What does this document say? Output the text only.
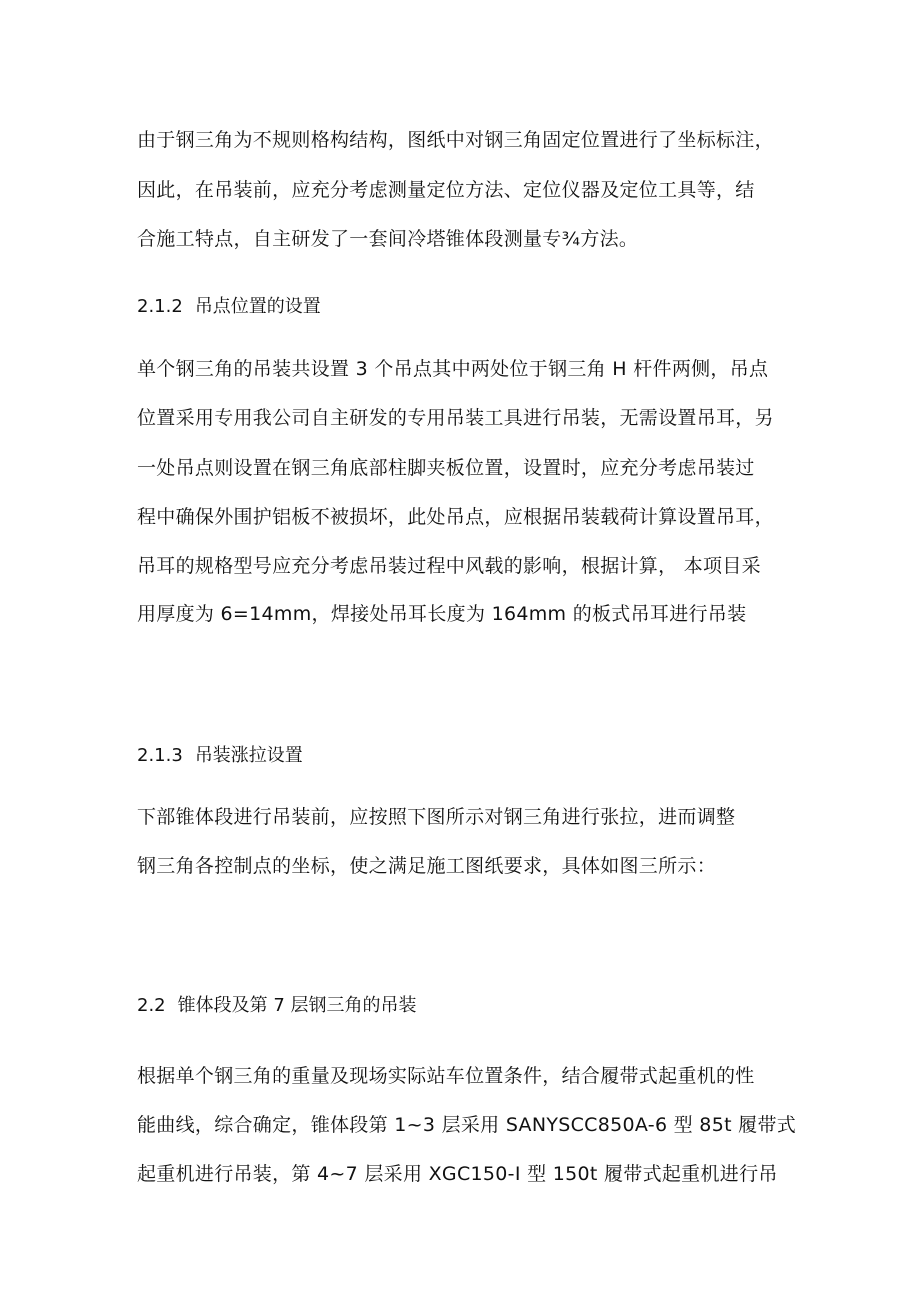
由于钢三角为不规则格构结构，图纸中对钢三角固定位置进行了坐标标注，
因此，在吊装前，应充分考虑测量定位方法、定位仪器及定位工具等，结
合施工特点，自主研发了一套间冷塔锥体段测量专¾方法。
2.1.2 吊点位置的设置
单个钢三角的吊装共设置 3 个吊点其中两处位于钢三角 H 杆件两侧，吊点
位置采用专用我公司自主研发的专用吊装工具进行吊装，无需设置吊耳，另
一处吊点则设置在钢三角底部柱脚夹板位置，设置时，应充分考虑吊装过
程中确保外围护铝板不被损坏，此处吊点，应根据吊装载荷计算设置吊耳，
吊耳的规格型号应充分考虑吊装过程中风载的影响，根据计算， 本项目采
用厚度为 6=14mm，焊接处吊耳长度为 164mm 的板式吊耳进行吊装
2.1.3 吊装涨拉设置
下部锥体段进行吊装前，应按照下图所示对钢三角进行张拉，进而调整
钢三角各控制点的坐标，使之满足施工图纸要求，具体如图三所示：
2.2 锥体段及第 7 层钢三角的吊装
根据单个钢三角的重量及现场实际站车位置条件，结合履带式起重机的性
能曲线，综合确定，锥体段第 1~3 层采用 SANYSCC850A-6 型 85t 履带式
起重机进行吊装，第 4~7 层采用 XGC150-I 型 150t 履带式起重机进行吊
